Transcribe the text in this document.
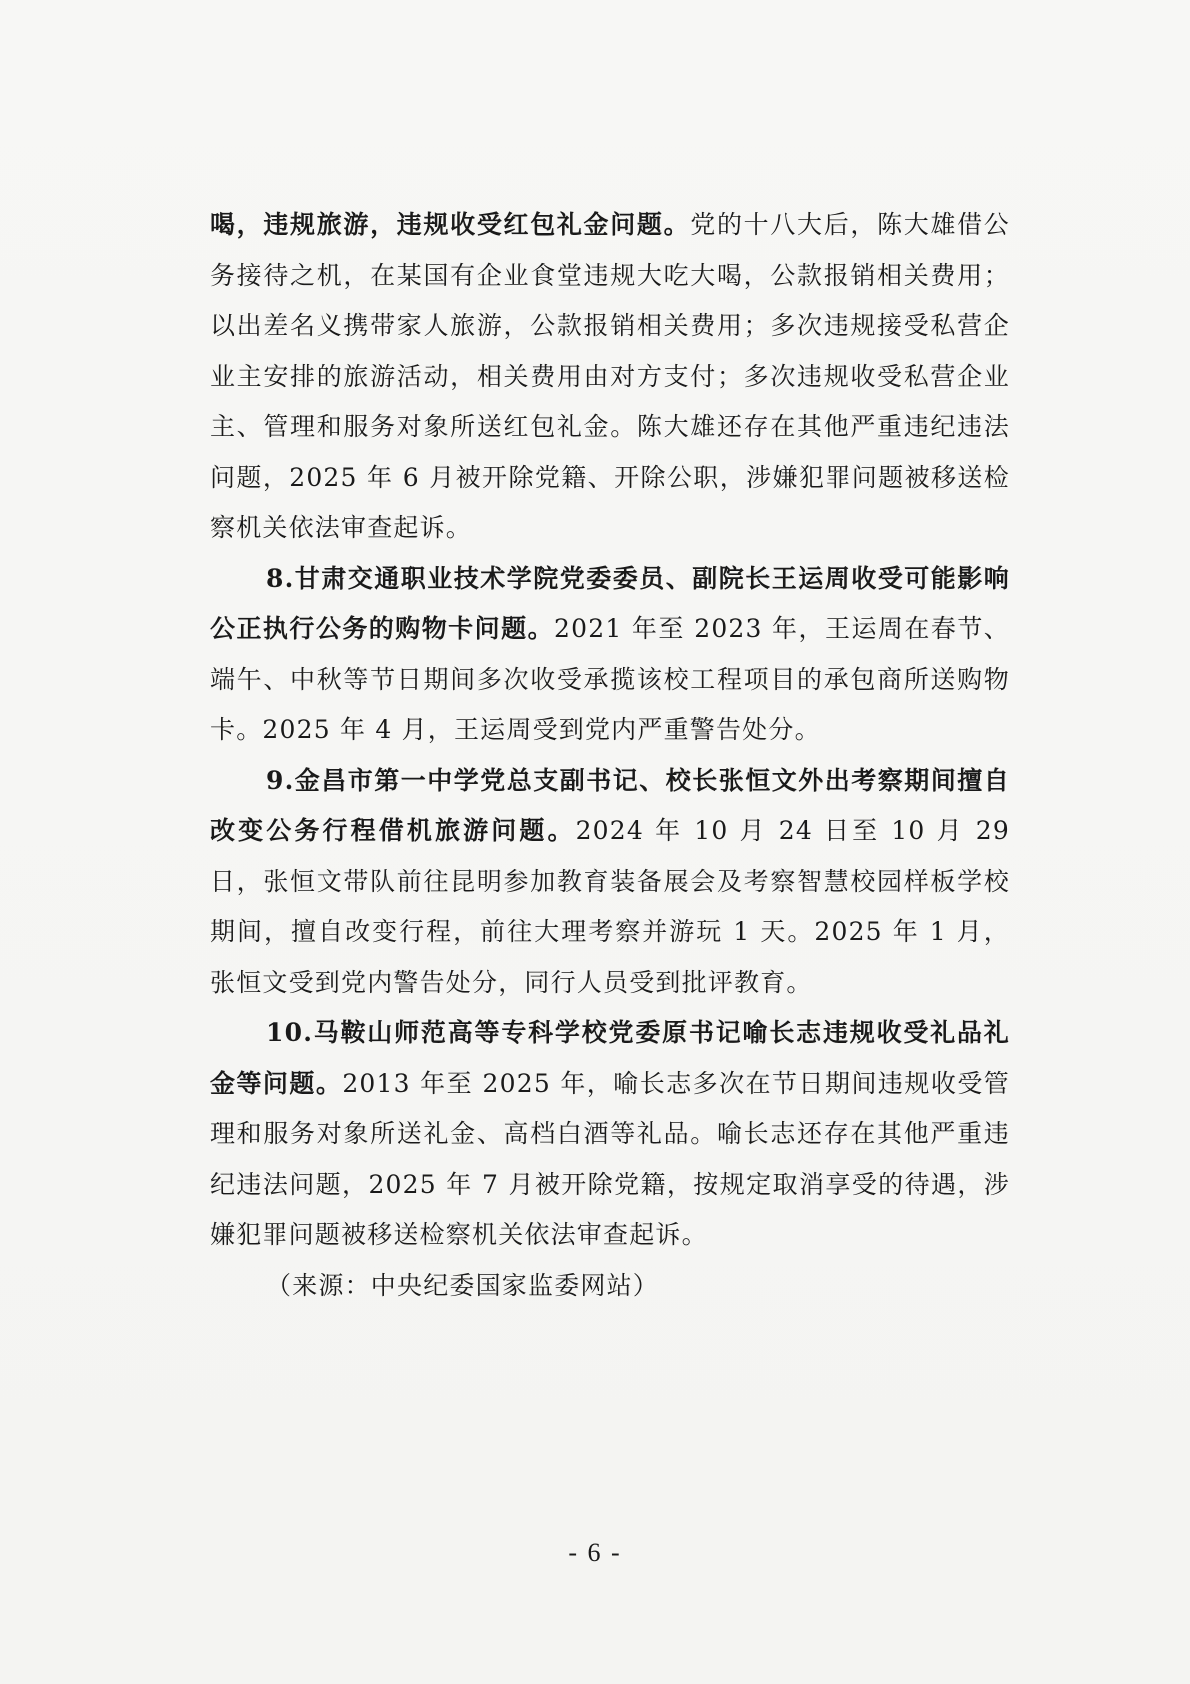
喝，违规旅游，违规收受红包礼金问题。党的十八大后，陈大雄借公务接待之机，在某国有企业食堂违规大吃大喝，公款报销相关费用；以出差名义携带家人旅游，公款报销相关费用；多次违规接受私营企业主安排的旅游活动，相关费用由对方支付；多次违规收受私营企业主、管理和服务对象所送红包礼金。陈大雄还存在其他严重违纪违法问题，2025 年 6 月被开除党籍、开除公职，涉嫌犯罪问题被移送检察机关依法审查起诉。

8.甘肃交通职业技术学院党委委员、副院长王运周收受可能影响公正执行公务的购物卡问题。2021 年至 2023 年，王运周在春节、端午、中秋等节日期间多次收受承揽该校工程项目的承包商所送购物卡。2025 年 4 月，王运周受到党内严重警告处分。

9.金昌市第一中学党总支副书记、校长张恒文外出考察期间擅自改变公务行程借机旅游问题。2024 年 10 月 24 日至 10 月 29 日，张恒文带队前往昆明参加教育装备展会及考察智慧校园样板学校期间，擅自改变行程，前往大理考察并游玩 1 天。2025 年 1 月，张恒文受到党内警告处分，同行人员受到批评教育。

10.马鞍山师范高等专科学校党委原书记喻长志违规收受礼品礼金等问题。2013 年至 2025 年，喻长志多次在节日期间违规收受管理和服务对象所送礼金、高档白酒等礼品。喻长志还存在其他严重违纪违法问题，2025 年 7 月被开除党籍，按规定取消享受的待遇，涉嫌犯罪问题被移送检察机关依法审查起诉。

（来源：中央纪委国家监委网站）

- 6 -
